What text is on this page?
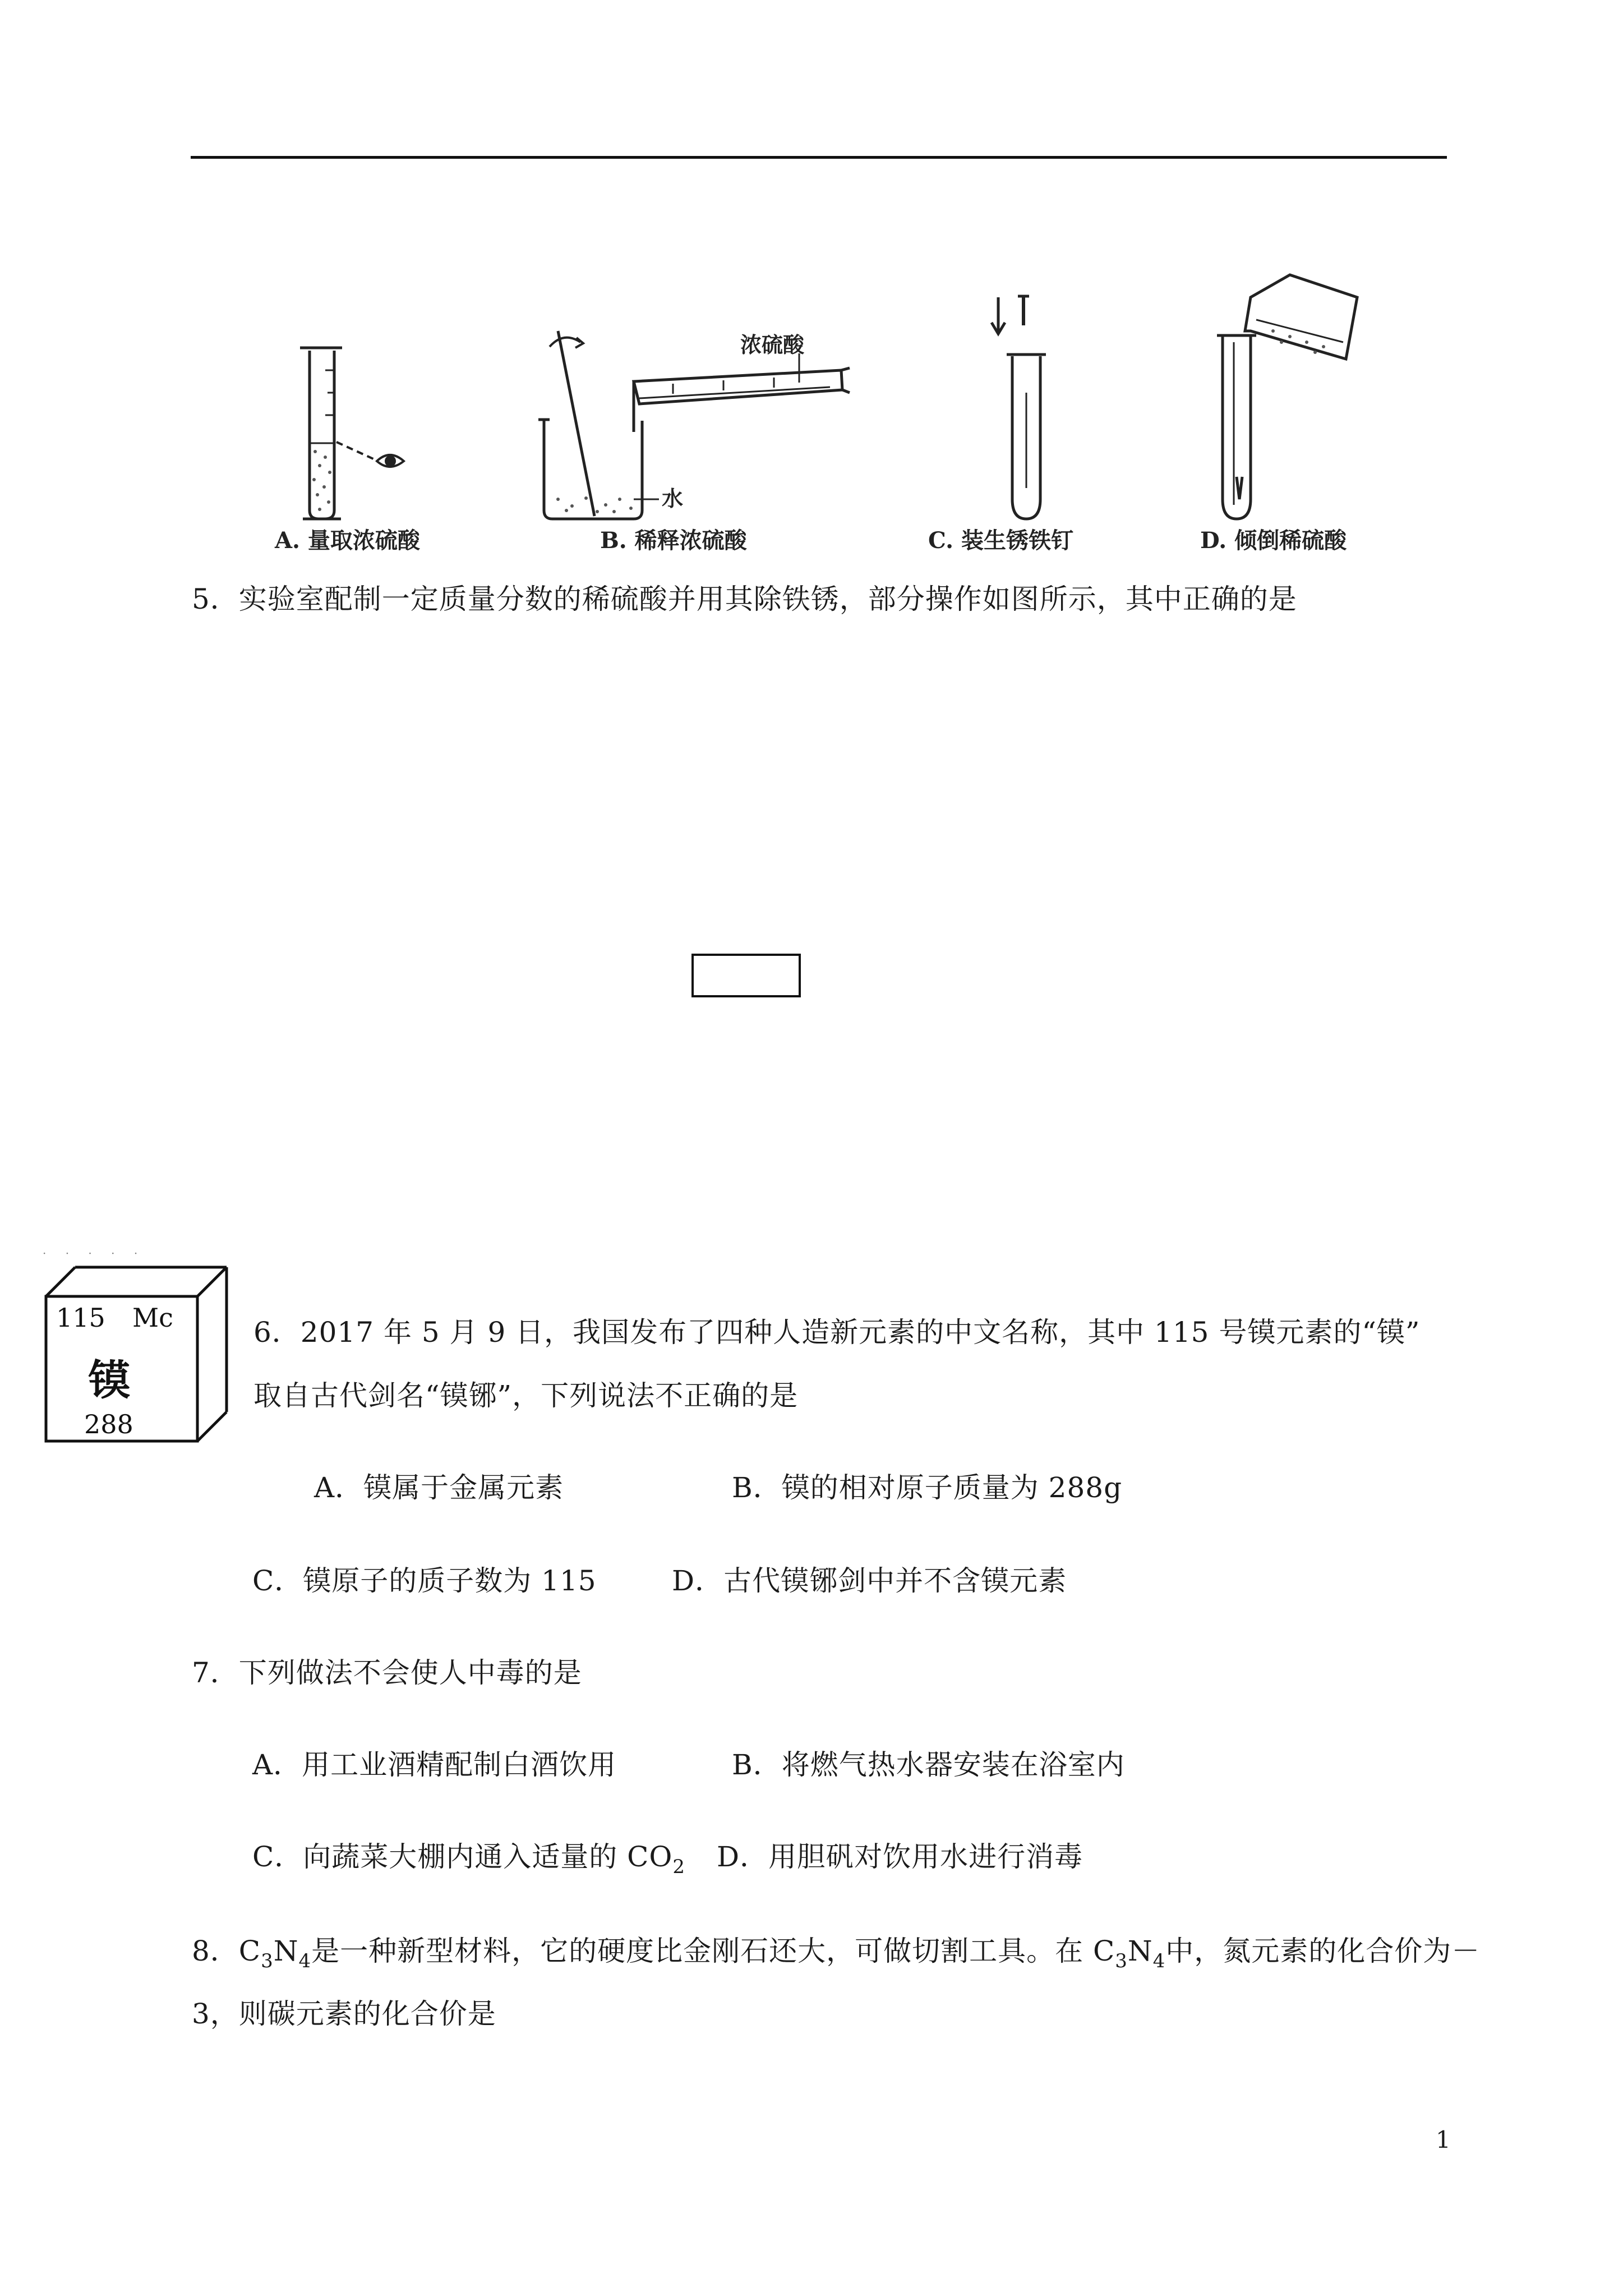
浓硫酸
水
A. 量取浓硫酸	B. 稀释浓硫酸	C. 装生锈铁钉	D. 倾倒稀硫酸
5．实验室配制一定质量分数的稀硫酸并用其除铁锈，部分操作如图所示，其中正确的是
· · · · ·
115 Mc
镆
288
6．2017 年 5 月 9 日，我国发布了四种人造新元素的中文名称，其中 115 号镆元素的“镆”
取自古代剑名“镆铘”，下列说法不正确的是
A．镆属于金属元素	B．镆的相对原子质量为 288g
C．镆原子的质子数为 115	D．古代镆铘剑中并不含镆元素
7．下列做法不会使人中毒的是
A．用工业酒精配制白酒饮用	B．将燃气热水器安装在浴室内
C．向蔬菜大棚内通入适量的 $CO_2$ D．用胆矾对饮用水进行消毒
8．$C_3N_4$是一种新型材料，它的硬度比金刚石还大，可做切割工具。在 $C_3N_4$中，氮元素的化合价为－
3，则碳元素的化合价是
1
